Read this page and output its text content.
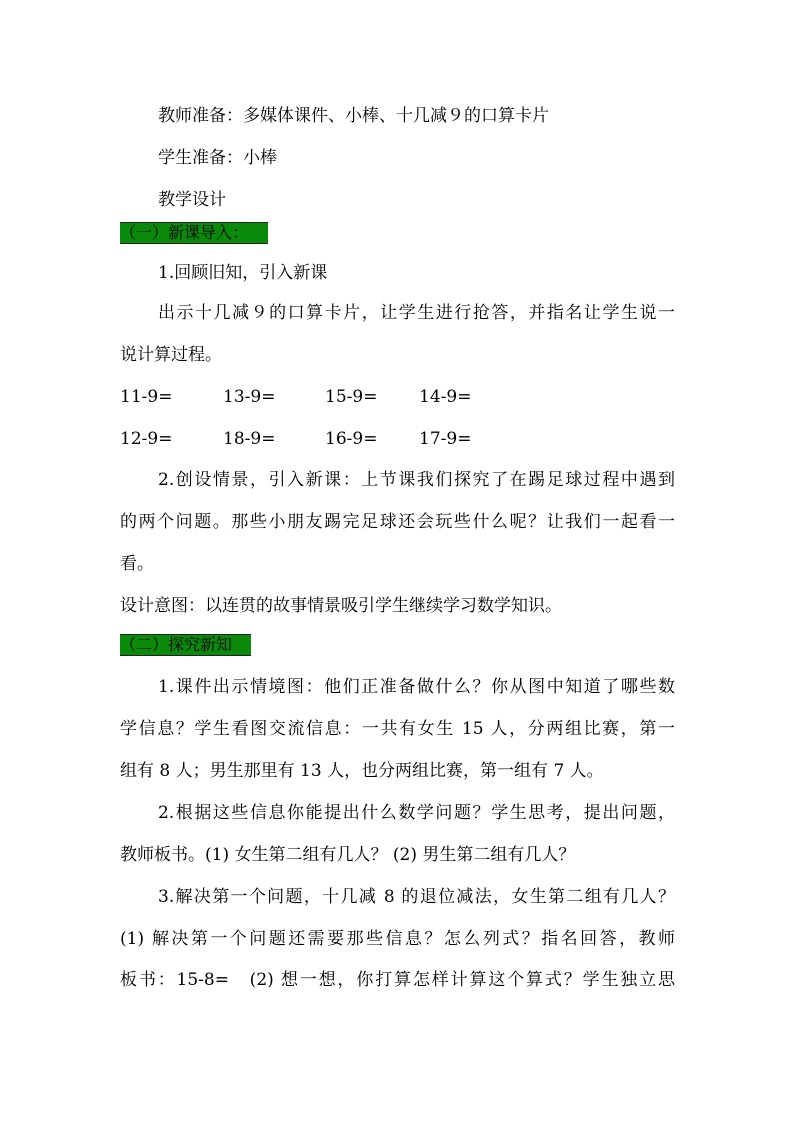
教师准备：多媒体课件、小棒、十几减９的口算卡片
学生准备：小棒
教学设计
（一）新课导入：
1.回顾旧知，引入新课
出示十几减９的口算卡片，让学生进行抢答，并指名让学生说一
说计算过程。
11-9=	13-9=	15-9= 14-9=
12-9=	18-9=	16-9= 17-9=
2.创设情景，引入新课：上节课我们探究了在踢足球过程中遇到
的两个问题。那些小朋友踢完足球还会玩些什么呢？让我们一起看一
看。
设计意图：以连贯的故事情景吸引学生继续学习数学知识。
（二）探究新知
1.课件出示情境图：他们正准备做什么？你从图中知道了哪些数
学信息？学生看图交流信息：一共有女生 15 人，分两组比赛，第一
组有 8 人；男生那里有 13 人，也分两组比赛，第一组有 7 人。
2.根据这些信息你能提出什么数学问题？学生思考，提出问题，
教师板书。(1) 女生第二组有几人？ (2) 男生第二组有几人？
3.解决第一个问题，十几减 8 的退位减法，女生第二组有几人？
(1) 解决第一个问题还需要那些信息？怎么列式？指名回答，教师
板书：15-8=　(2) 想一想，你打算怎样计算这个算式？学生独立思
